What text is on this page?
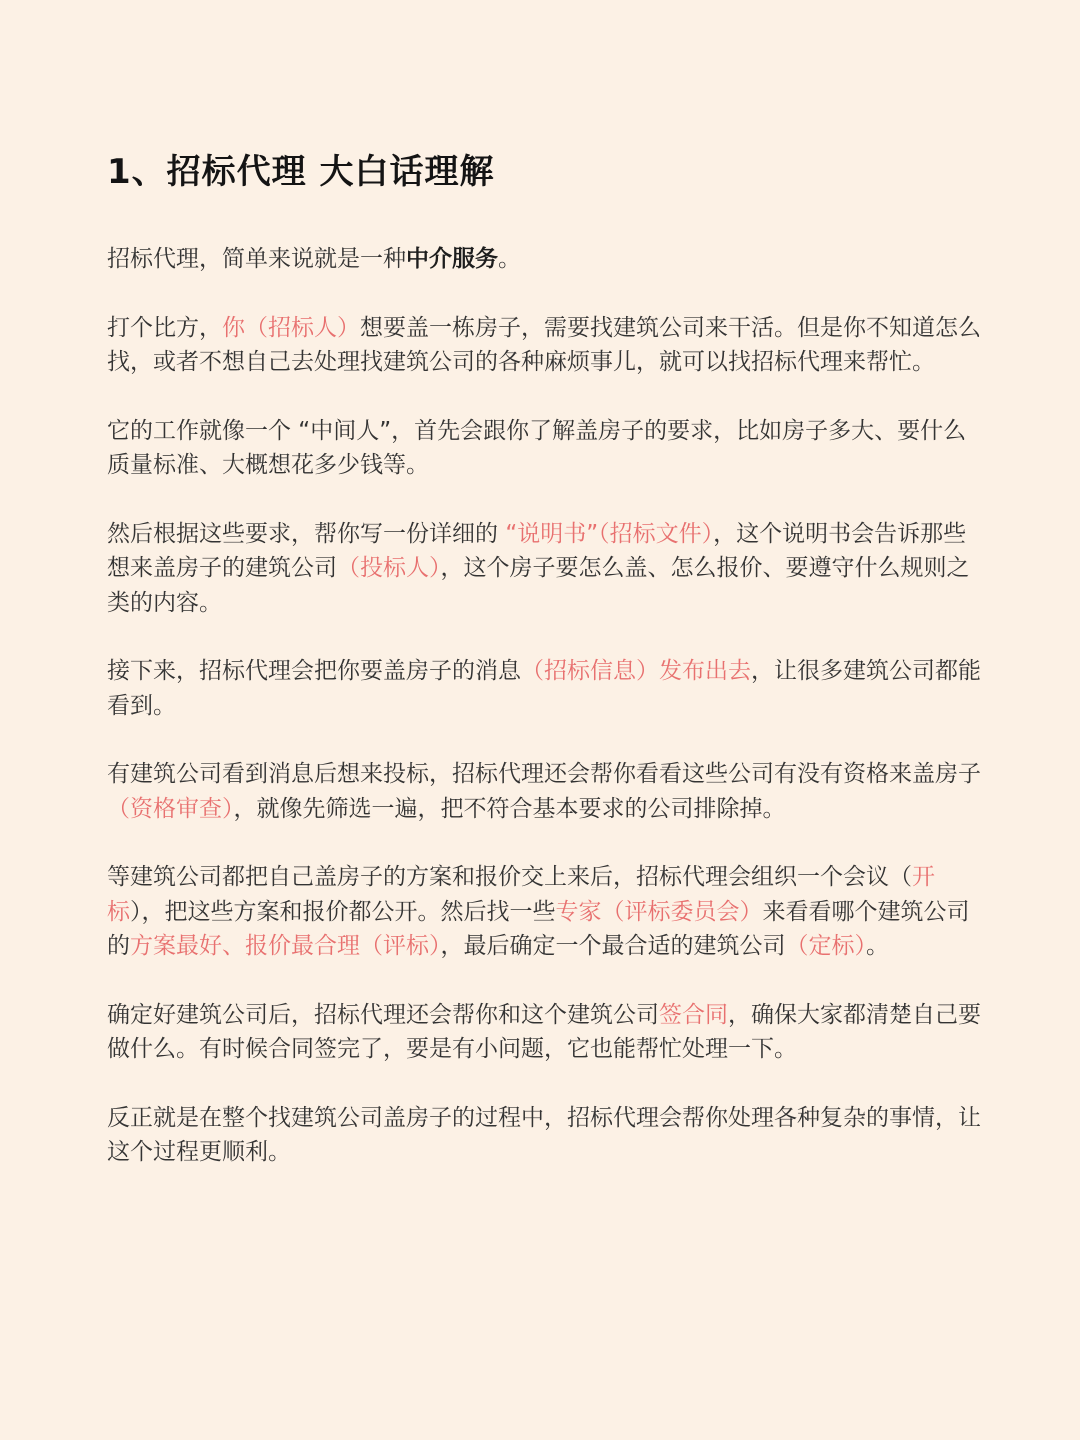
1、招标代理 大白话理解

招标代理，简单来说就是一种中介服务。

打个比方，你（招标人）想要盖一栋房子，需要找建筑公司来干活。但是你不知道怎么找，或者不想自己去处理找建筑公司的各种麻烦事儿，就可以找招标代理来帮忙。

它的工作就像一个 “中间人”，首先会跟你了解盖房子的要求，比如房子多大、要什么质量标准、大概想花多少钱等。

然后根据这些要求，帮你写一份详细的 “说明书”（招标文件），这个说明书会告诉那些想来盖房子的建筑公司（投标人），这个房子要怎么盖、怎么报价、要遵守什么规则之类的内容。

接下来，招标代理会把你要盖房子的消息（招标信息）发布出去，让很多建筑公司都能看到。

有建筑公司看到消息后想来投标，招标代理还会帮你看看这些公司有没有资格来盖房子（资格审查），就像先筛选一遍，把不符合基本要求的公司排除掉。

等建筑公司都把自己盖房子的方案和报价交上来后，招标代理会组织一个会议（开标），把这些方案和报价都公开。然后找一些专家（评标委员会）来看看哪个建筑公司的方案最好、报价最合理（评标），最后确定一个最合适的建筑公司（定标）。

确定好建筑公司后，招标代理还会帮你和这个建筑公司签合同，确保大家都清楚自己要做什么。有时候合同签完了，要是有小问题，它也能帮忙处理一下。

反正就是在整个找建筑公司盖房子的过程中，招标代理会帮你处理各种复杂的事情，让这个过程更顺利。
